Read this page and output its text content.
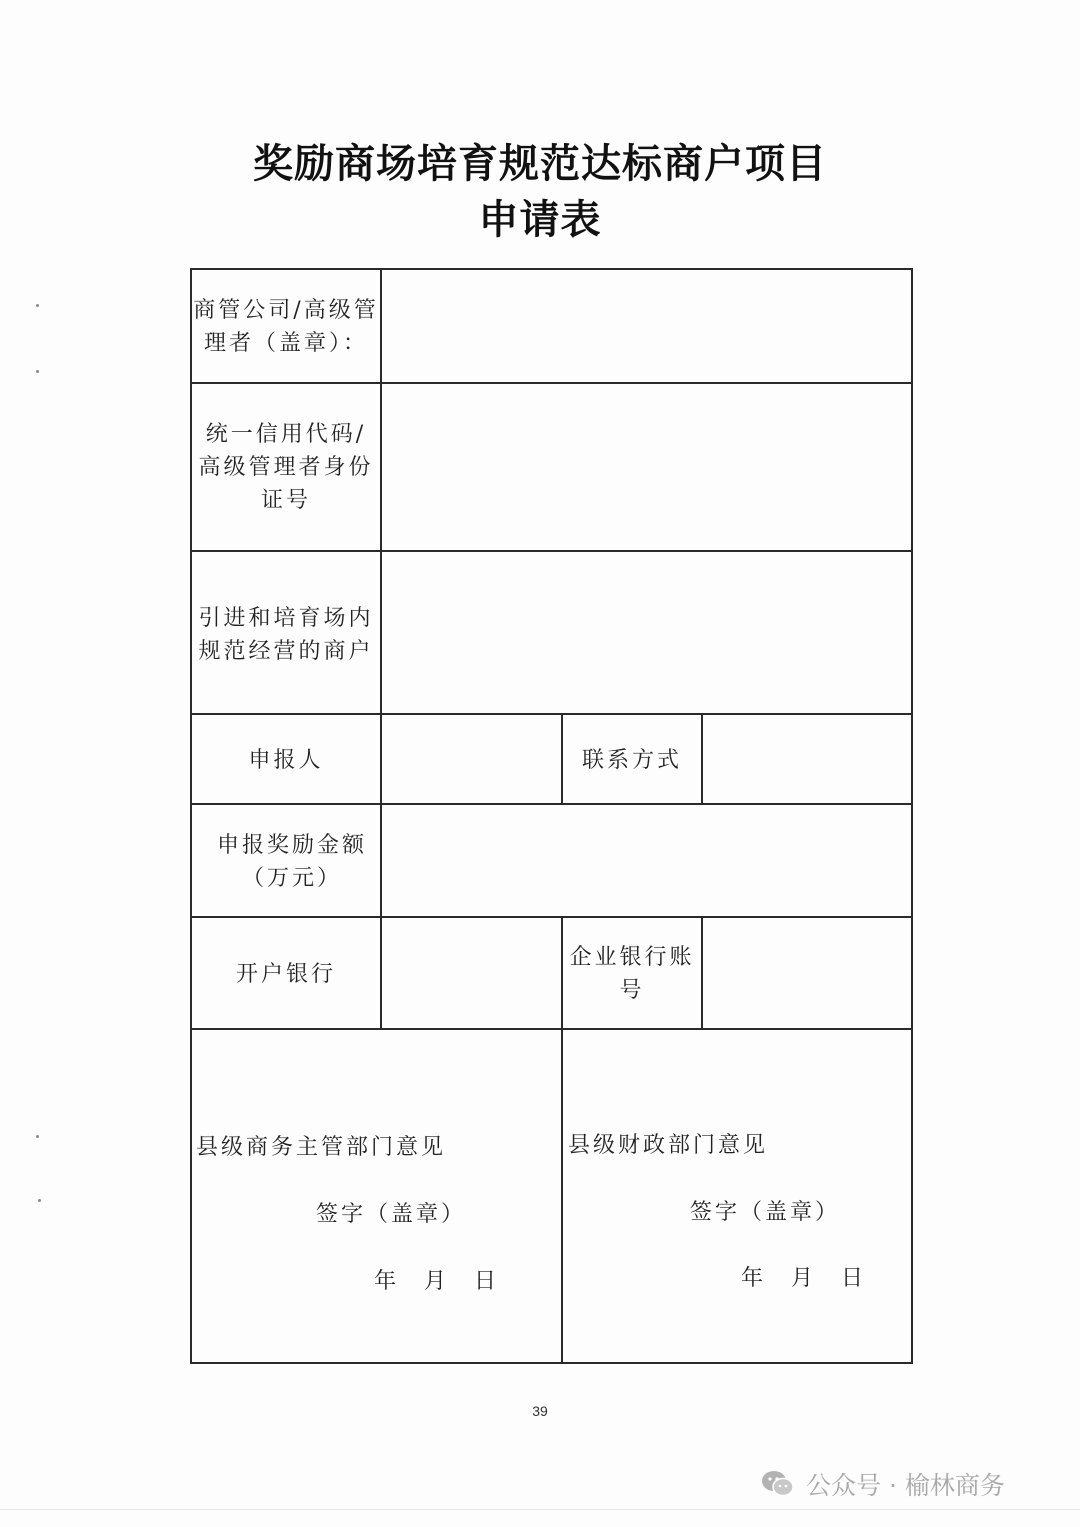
奖励商场培育规范达标商户项目
申请表
商管公司/高级管
理者（盖章）：
统一信用代码/
高级管理者身份
证号
引进和培育场内
规范经营的商户
申报人	联系方式
申报奖励金额
（万元）
开户银行
企业银行账
号
县级商务主管部门意见
签字（盖章）
年　月　日
县级财政部门意见
签字（盖章）
年　月　日
39
公众号 · 榆林商务
